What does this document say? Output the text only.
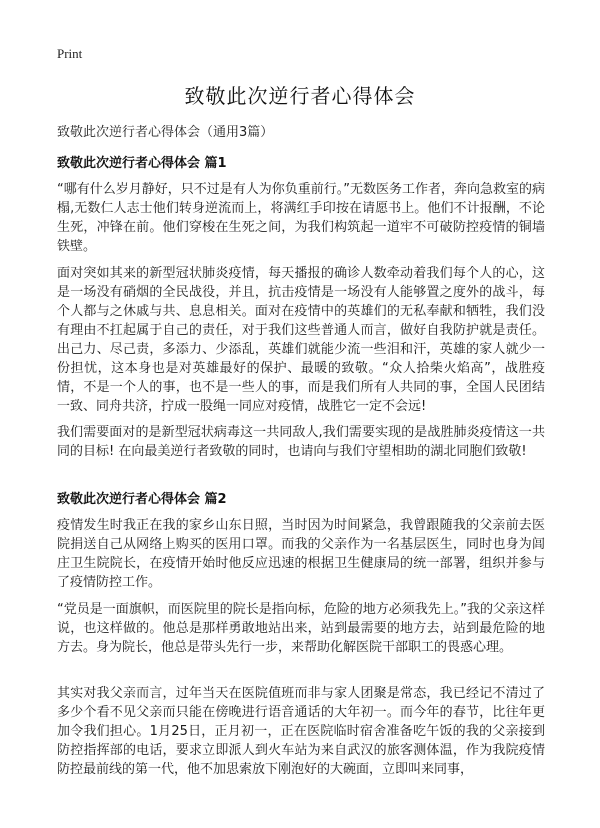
Print
致敬此次逆行者心得体会

致敬此次逆行者心得体会（通用3篇）

致敬此次逆行者心得体会 篇1

“哪有什么岁月静好，只不过是有人为你负重前行。”无数医务工作者，奔向急救室的病榻,无数仁人志士他们转身逆流而上，将满红手印按在请愿书上。他们不计报酬，不论生死，冲锋在前。他们穿梭在生死之间，为我们构筑起一道牢不可破防控疫情的铜墙铁壁。

面对突如其来的新型冠状肺炎疫情，每天播报的确诊人数牵动着我们每个人的心，这是一场没有硝烟的全民战役，并且，抗击疫情是一场没有人能够置之度外的战斗，每个人都与之休戚与共、息息相关。面对在疫情中的英雄们的无私奉献和牺牲，我们没有理由不扛起属于自己的责任，对于我们这些普通人而言，做好自我防护就是责任。出己力、尽己责，多添力、少添乱，英雄们就能少流一些泪和汗，英雄的家人就少一份担忧，这本身也是对英雄最好的保护、最暖的致敬。“众人拾柴火焰高”，战胜疫情，不是一个人的事，也不是一些人的事，而是我们所有人共同的事，全国人民团结一致、同舟共济，拧成一股绳一同应对疫情，战胜它一定不会远!

我们需要面对的是新型冠状病毒这一共同敌人,我们需要实现的是战胜肺炎疫情这一共同的目标! 在向最美逆行者致敬的同时，也请向与我们守望相助的湖北同胞们致敬!

致敬此次逆行者心得体会 篇2

疫情发生时我正在我的家乡山东日照，当时因为时间紧急，我曾跟随我的父亲前去医院捐送自己从网络上购买的医用口罩。而我的父亲作为一名基层医生，同时也身为闾庄卫生院院长，在疫情开始时他反应迅速的根据卫生健康局的统一部署，组织并参与了疫情防控工作。

“党员是一面旗帜，而医院里的院长是指向标，危险的地方必须我先上。”我的父亲这样说，也这样做的。他总是那样勇敢地站出来，站到最需要的地方去，站到最危险的地方去。身为院长，他总是带头先行一步，来帮助化解医院干部职工的畏惑心理。

其实对我父亲而言，过年当天在医院值班而非与家人团聚是常态，我已经记不清过了多少个看不见父亲而只能在傍晚进行语音通话的大年初一。而今年的春节，比往年更加令我们担心。1月25日，正月初一，正在医院临时宿舍准备吃午饭的我的父亲接到防控指挥部的电话，要求立即派人到火车站为来自武汉的旅客测体温，作为我院疫情防控最前线的第一代，他不加思索放下刚泡好的大碗面，立即叫来同事，
